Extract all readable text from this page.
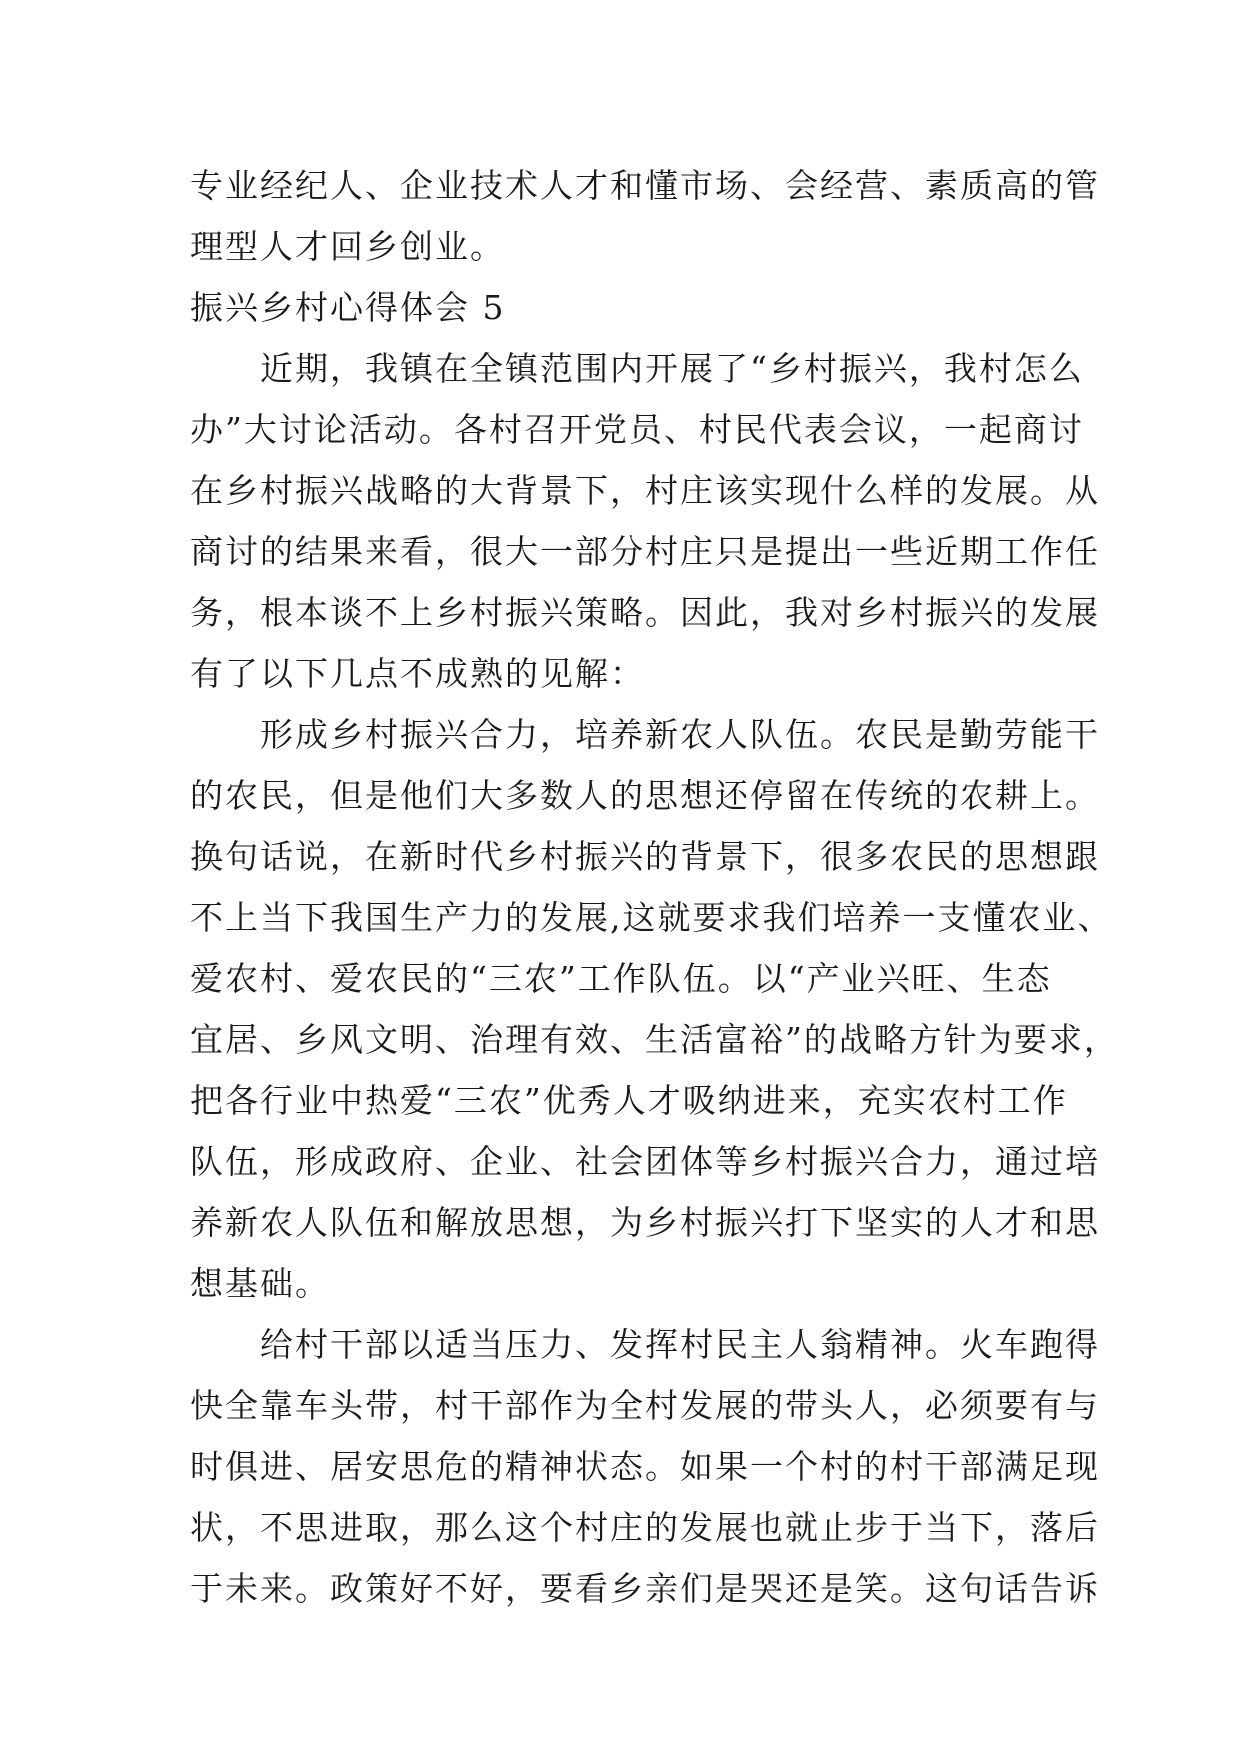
专业经纪人、企业技术人才和懂市场、会经营、素质高的管
理型人才回乡创业。
振兴乡村心得体会 5
近期，我镇在全镇范围内开展了“乡村振兴，我村怎么
办”大讨论活动。各村召开党员、村民代表会议，一起商讨
在乡村振兴战略的大背景下，村庄该实现什么样的发展。从
商讨的结果来看，很大一部分村庄只是提出一些近期工作任
务，根本谈不上乡村振兴策略。因此，我对乡村振兴的发展
有了以下几点不成熟的见解：
形成乡村振兴合力，培养新农人队伍。农民是勤劳能干
的农民，但是他们大多数人的思想还停留在传统的农耕上。
换句话说，在新时代乡村振兴的背景下，很多农民的思想跟
不上当下我国生产力的发展,这就要求我们培养一支懂农业、
爱农村、爱农民的“三农”工作队伍。以“产业兴旺、生态
宜居、乡风文明、治理有效、生活富裕”的战略方针为要求，
把各行业中热爱“三农”优秀人才吸纳进来，充实农村工作
队伍，形成政府、企业、社会团体等乡村振兴合力，通过培
养新农人队伍和解放思想，为乡村振兴打下坚实的人才和思
想基础。
给村干部以适当压力、发挥村民主人翁精神。火车跑得
快全靠车头带，村干部作为全村发展的带头人，必须要有与
时俱进、居安思危的精神状态。如果一个村的村干部满足现
状，不思进取，那么这个村庄的发展也就止步于当下，落后
于未来。政策好不好，要看乡亲们是哭还是笑。这句话告诉
